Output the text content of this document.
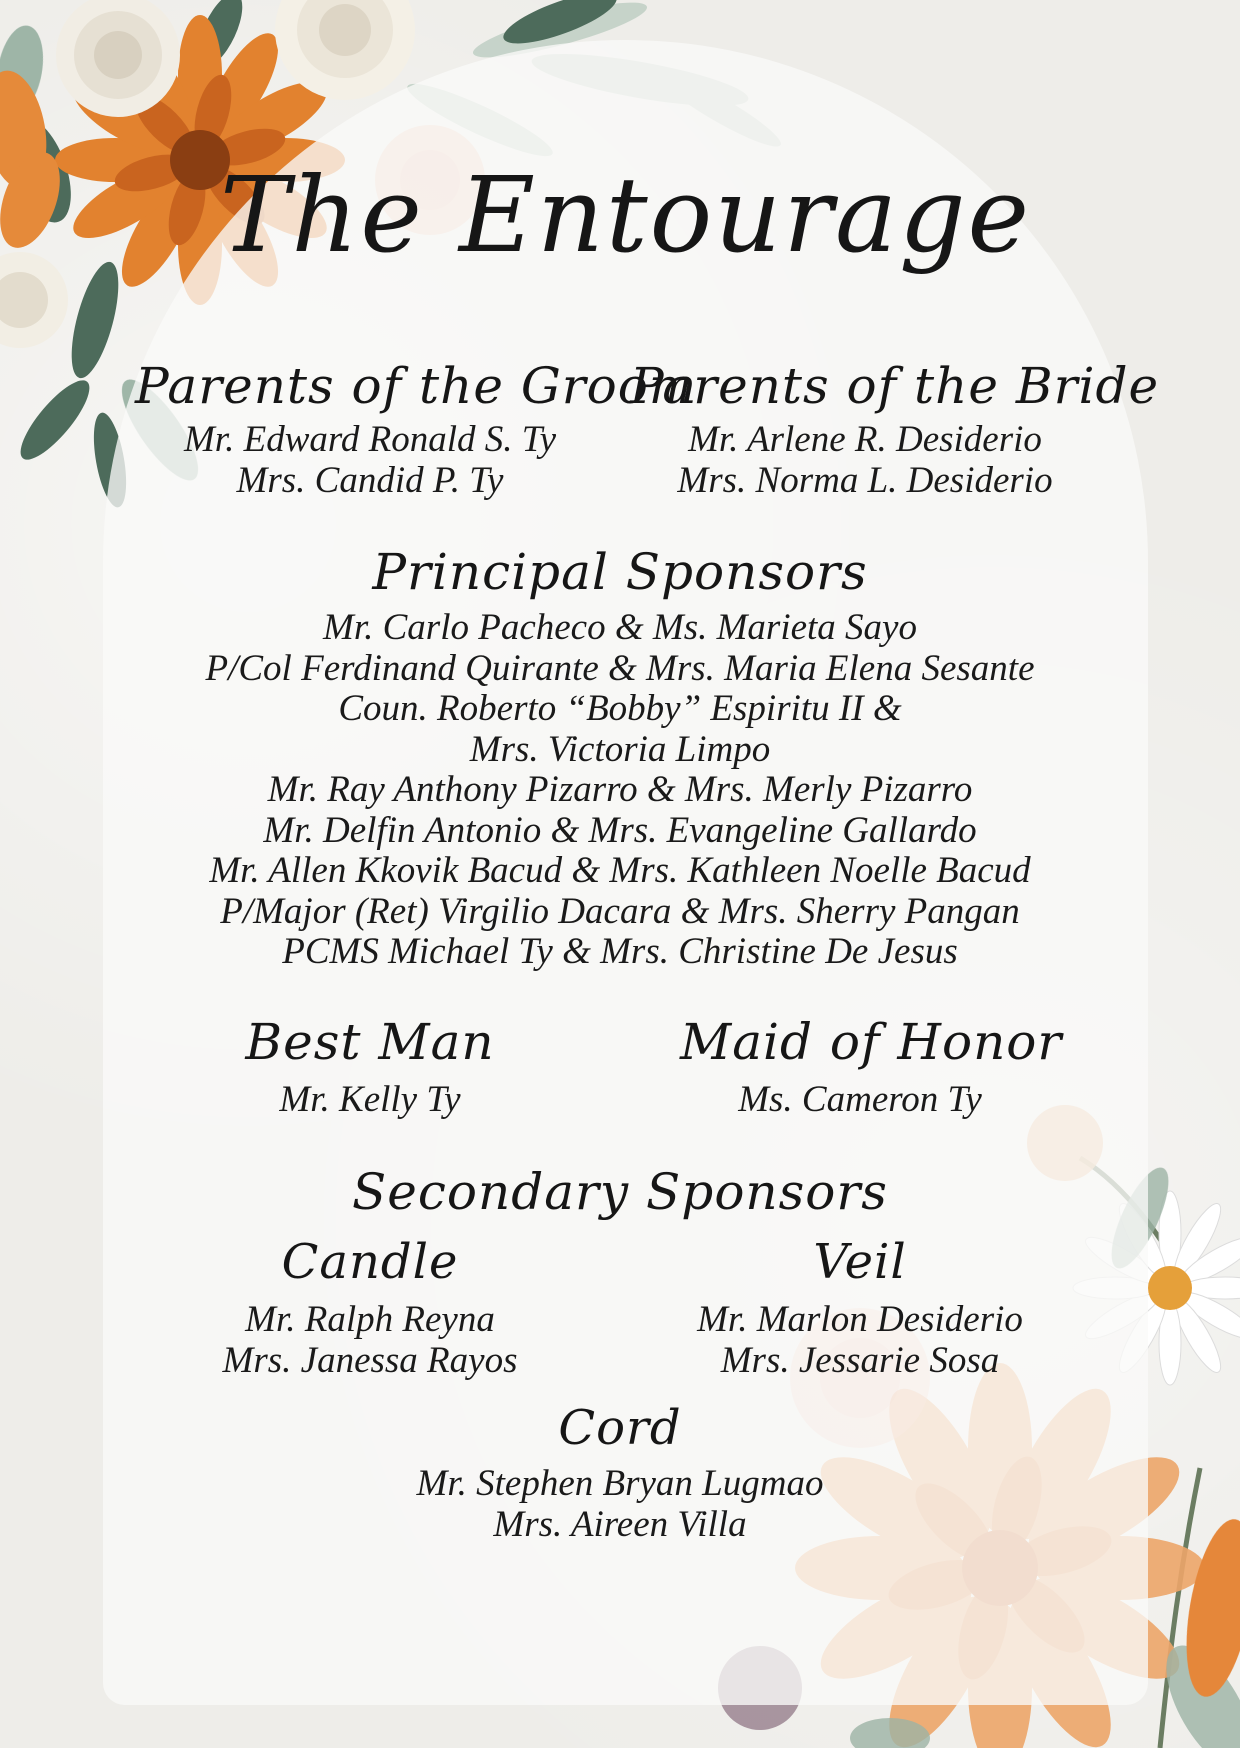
The Entourage
Parents of the Groom
Mr. Edward Ronald S. Ty
Mrs. Candid P. Ty
Parents of the Bride
Mr. Arlene R. Desiderio
Mrs. Norma L. Desiderio
Principal Sponsors
Mr. Carlo Pacheco & Ms. Marieta Sayo
P/Col Ferdinand Quirante & Mrs. Maria Elena Sesante
Coun. Roberto “Bobby” Espiritu II &
Mrs. Victoria Limpo
Mr. Ray Anthony Pizarro & Mrs. Merly Pizarro
Mr. Delfin Antonio & Mrs. Evangeline Gallardo
Mr. Allen Kkovik Bacud & Mrs. Kathleen Noelle Bacud
P/Major (Ret) Virgilio Dacara & Mrs. Sherry Pangan
PCMS Michael Ty & Mrs. Christine De Jesus
Best Man
Mr. Kelly Ty
Maid of Honor
Ms. Cameron Ty
Secondary Sponsors
Candle
Mr. Ralph Reyna
Mrs. Janessa Rayos
Veil
Mr. Marlon Desiderio
Mrs. Jessarie Sosa
Cord
Mr. Stephen Bryan Lugmao
Mrs. Aireen Villa
